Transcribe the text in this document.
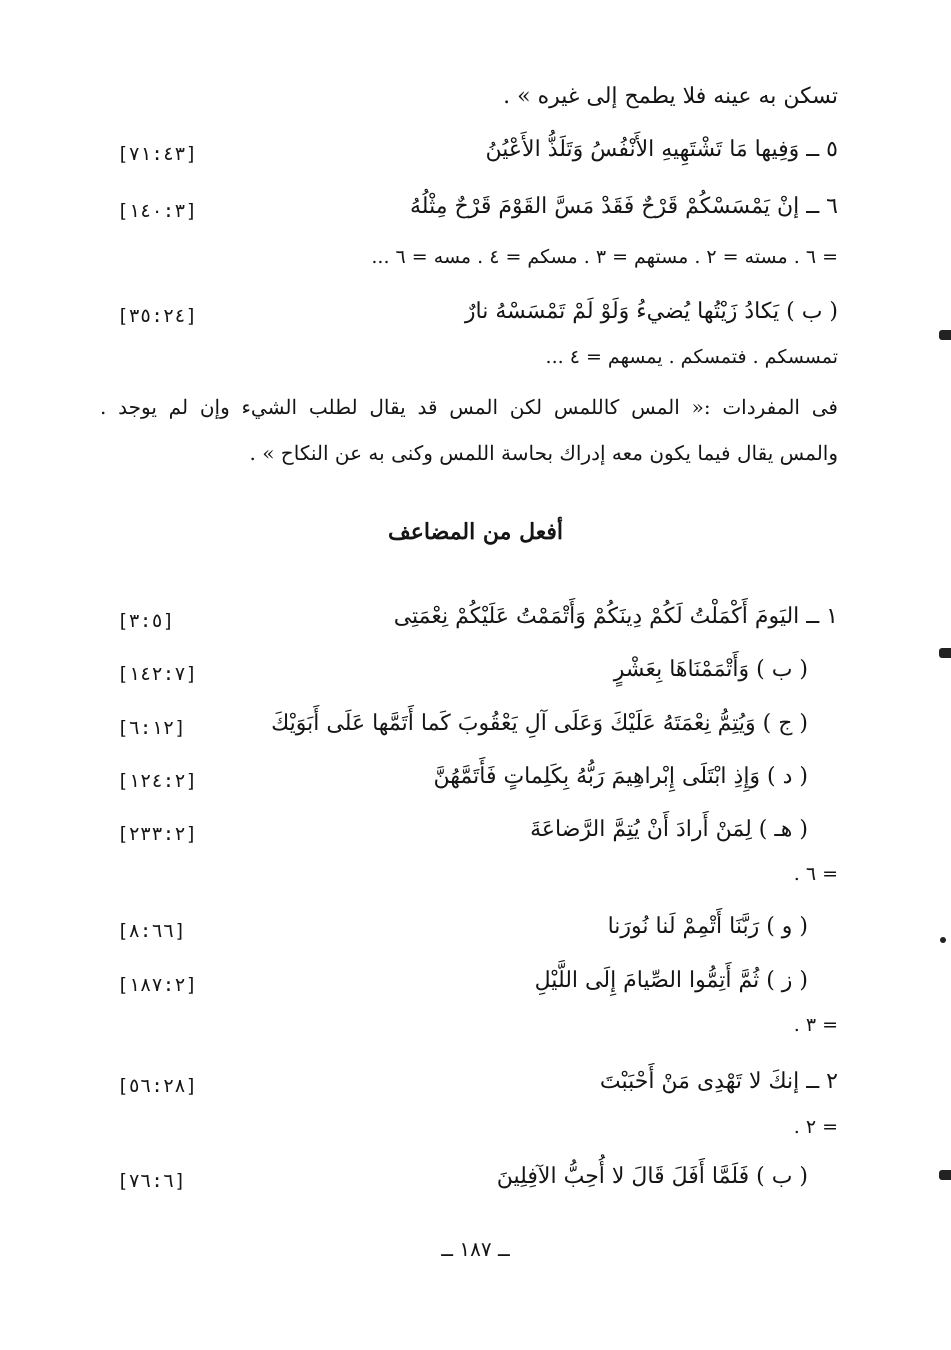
تسكن به عينه فلا يطمح إلى غيره » .
٥ ــ وَفِيها مَا تَشْتَهِيهِ الأَنْفُسُ وَتَلَذُّ الأَعْيُنُ
[٧١:٤٣]
٦ ــ إنْ يَمْسَسْكُمْ قَرْحٌ فَقَدْ مَسَّ القَوْمَ قَرْحٌ مِثْلُهُ
[١٤٠:٣]
= ٦ . مسته = ٢ . مستهم = ٣ . مسكم = ٤ . مسه = ٦ ...
( ب ) يَكادُ زَيْتُها يُضيءُ وَلَوْ لَمْ تَمْسَسْهُ نارٌ
[٣٥:٢٤]
تمسسكم . فتمسكم . يمسهم = ٤ ...
فى المفردات :« المس كاللمس لكن المس قد يقال لطلب الشيء وإن لم يوجد .
والمس يقال فيما يكون معه إدراك بحاسة اللمس وكنى به عن النكاح » .
أفعل من المضاعف
١ ــ اليَومَ أَكْمَلْتُ لَكُمْ دِينَكُمْ وَأَتْمَمْتُ عَلَيْكُمْ نِعْمَتِى
[٣:٥]
( ب ) وَأَتْمَمْنَاهَا بِعَشْرٍ
[١٤٢:٧]
( ج ) وَيُتِمُّ نِعْمَتَهُ عَلَيْكَ وَعَلَى آلِ يَعْقُوبَ كَما أَتَمَّها عَلَى أَبَوَيْكَ
[٦:١٢]
( د ) وَإِذِ ابْتَلَى إِبْراهِيمَ رَبُّهُ بِكَلِماتٍ فَأَتَمَّهُنَّ
[١٢٤:٢]
( هـ ) لِمَنْ أَرادَ أَنْ يُتِمَّ الرَّضاعَةَ
[٢٣٣:٢]
= ٦ .
( و ) رَبَّنَا أَتْمِمْ لَنا نُورَنا
[٨:٦٦]
( ز ) ثُمَّ أَتِمُّوا الصِّيامَ إِلَى اللَّيْلِ
[١٨٧:٢]
= ٣ .
٢ ــ إنكَ لا تَهْدِى مَنْ أَحْبَبْتَ
[٥٦:٢٨]
= ٢ .
( ب ) فَلَمَّا أَفَلَ قَالَ لا أُحِبُّ الآفِلِينَ
[٧٦:٦]
ــ ١٨٧ ــ
